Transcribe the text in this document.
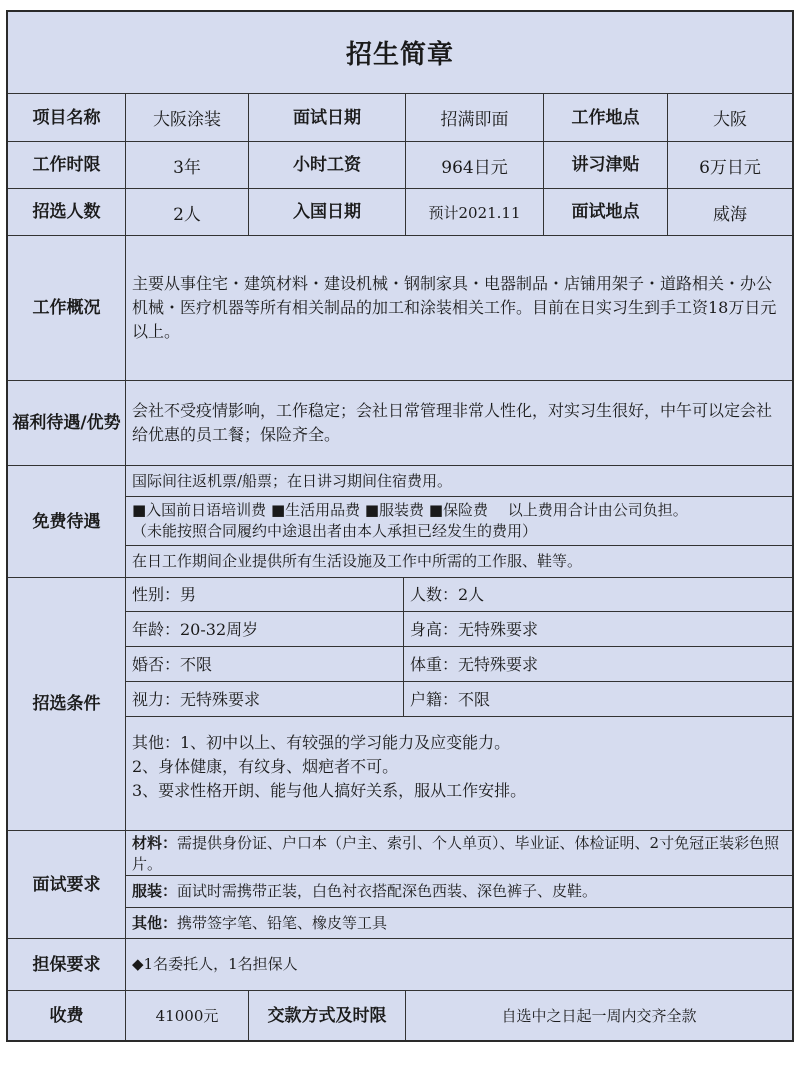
招生简章
项目名称	大阪涂装	面试日期	招满即面	工作地点	大阪
工作时限	3年	小时工资	964日元	讲习津贴	6万日元
招选人数	2人	入国日期	预计2021.11	面试地点	威海
工作概况
主要从事住宅・建筑材料・建设机械・钢制家具・电器制品・店铺用架子・道路相关・办公机械・医疗机器等所有相关制品的加工和涂装相关工作。目前在日实习生到手工资18万日元以上。
福利待遇/优势
会社不受疫情影响，工作稳定；会社日常管理非常人性化，对实习生很好，中午可以定会社给优惠的员工餐；保险齐全。
免费待遇
国际间往返机票/船票；在日讲习期间住宿费用。
■入国前日语培训费 ■生活用品费 ■服装费 ■保险费　 以上费用合计由公司负担。
（未能按照合同履约中途退出者由本人承担已经发生的费用）
在日工作期间企业提供所有生活设施及工作中所需的工作服、鞋等。
招选条件
性别：男	人数：2人
年龄：20-32周岁	身高：无特殊要求
婚否：不限	体重：无特殊要求
视力：无特殊要求	户籍：不限
其他：1、初中以上、有较强的学习能力及应变能力。
2、身体健康，有纹身、烟疤者不可。
3、要求性格开朗、能与他人搞好关系，服从工作安排。
面试要求
材料：需提供身份证、户口本（户主、索引、个人单页）、毕业证、体检证明、2寸免冠正装彩色照片。
服装： 面试时需携带正装，白色衬衣搭配深色西装、深色裤子、皮鞋。
其他： 携带签字笔、铅笔、橡皮等工具
担保要求	◆1名委托人，1名担保人
收费	41000元	交款方式及时限	自选中之日起一周内交齐全款
